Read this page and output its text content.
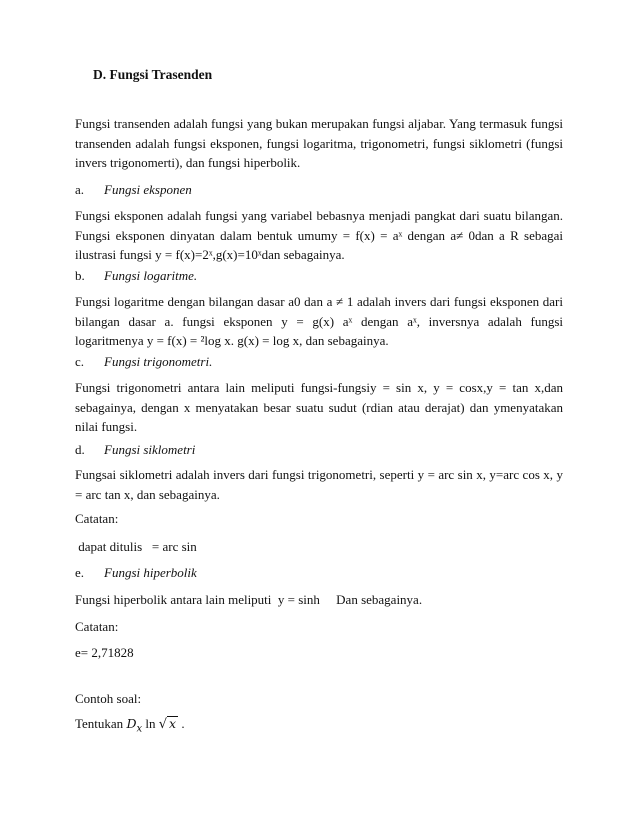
D. Fungsi Trasenden

Fungsi transenden adalah fungsi yang bukan merupakan fungsi aljabar. Yang termasuk fungsi transenden adalah fungsi eksponen, fungsi logaritma, trigonometri, fungsi siklometri (fungsi invers trigonomerti), dan fungsi hiperbolik.

a. Fungsi eksponen

Fungsi eksponen adalah fungsi yang variabel bebasnya menjadi pangkat dari suatu bilangan. Fungsi eksponen dinyatan dalam bentuk umumy = f(x) = aˣ dengan a≠ 0dan a R sebagai ilustrasi fungsi y = f(x)=2ˣ,g(x)=10ˣdan sebagainya.

b. Fungsi logaritme.

Fungsi logaritme dengan bilangan dasar a0 dan a ≠ 1 adalah invers dari fungsi eksponen dari bilangan dasar a. fungsi eksponen y = g(x) aˣ dengan aˣ, inversnya adalah fungsi logaritmenya y = f(x) = ²log x. g(x) = log x, dan sebagainya.

c. Fungsi trigonometri.

Fungsi trigonometri antara lain meliputi fungsi-fungsiy = sin x, y = cosx,y = tan x,dan sebagainya, dengan x menyatakan besar suatu sudut (rdian atau derajat) dan ymenyatakan nilai fungsi.

d. Fungsi siklometri

Fungsai siklometri adalah invers dari fungsi trigonometri, seperti y = arc sin x, y=arc cos x, y = arc tan x, dan sebagainya.

Catatan:
dapat ditulis   = arc sin
e. Fungsi hiperbolik
Fungsi hiperbolik antara lain meliputi  y = sinh     Dan sebagainya.
Catatan:
e= 2,71828
Contoh soal:
Tentukan $D_x$ ln √ x .
